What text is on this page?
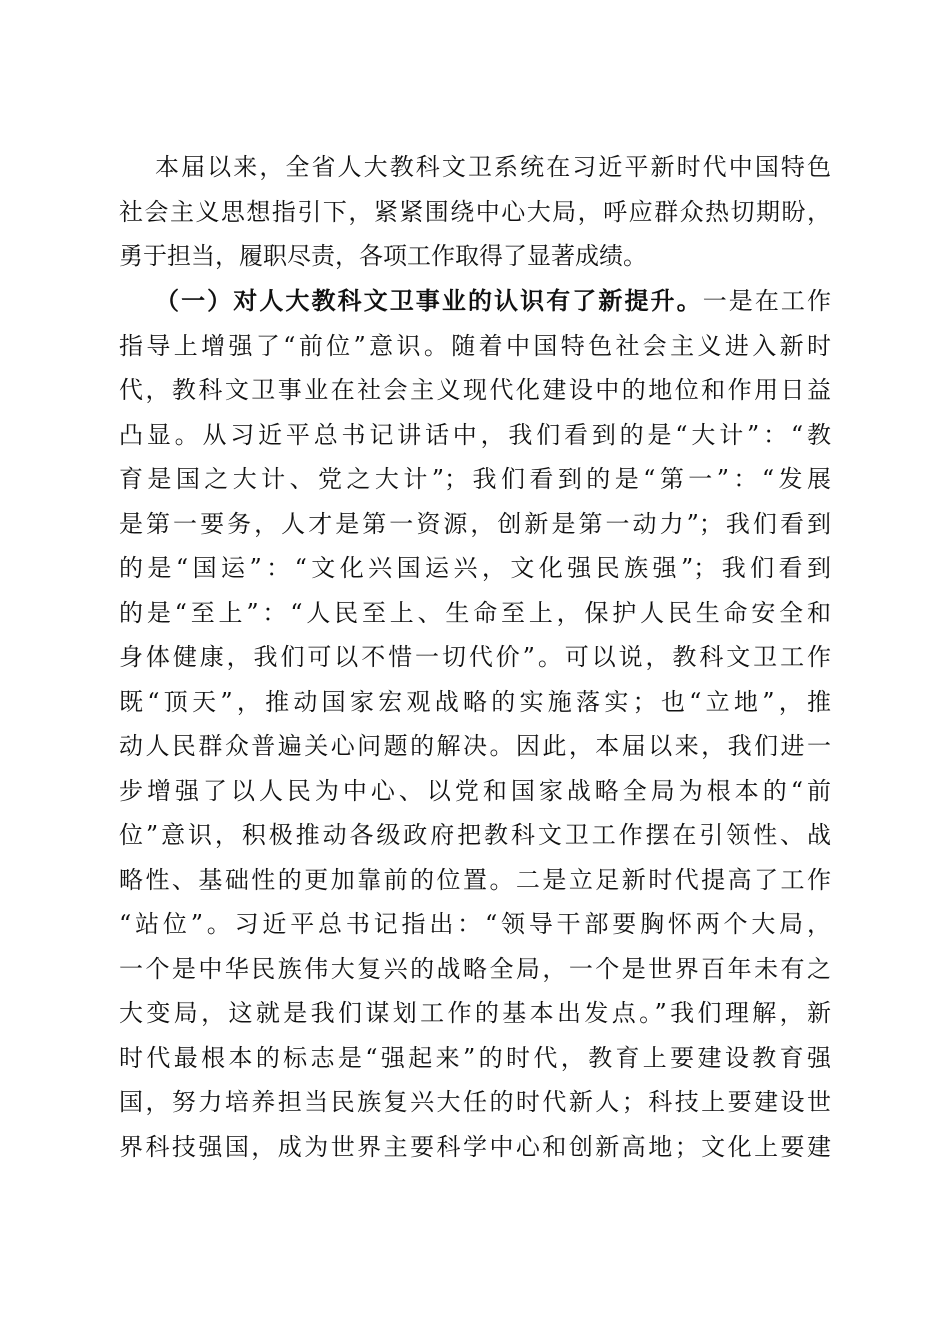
本届以来，全省人大教科文卫系统在习近平新时代中国特色
社会主义思想指引下，紧紧围绕中心大局，呼应群众热切期盼，
勇于担当，履职尽责，各项工作取得了显著成绩。
（一）对人大教科文卫事业的认识有了新提升。一是在工作
指导上增强了“前位”意识。随着中国特色社会主义进入新时
代，教科文卫事业在社会主义现代化建设中的地位和作用日益
凸显。从习近平总书记讲话中，我们看到的是“大计”：“教
育是国之大计、党之大计”；我们看到的是“第一”：“发展
是第一要务，人才是第一资源，创新是第一动力”；我们看到
的是“国运”：“文化兴国运兴，文化强民族强”；我们看到
的是“至上”：“人民至上、生命至上，保护人民生命安全和
身体健康，我们可以不惜一切代价”。可以说，教科文卫工作
既“顶天”，推动国家宏观战略的实施落实；也“立地”，推
动人民群众普遍关心问题的解决。因此，本届以来，我们进一
步增强了以人民为中心、以党和国家战略全局为根本的“前
位”意识，积极推动各级政府把教科文卫工作摆在引领性、战
略性、基础性的更加靠前的位置。二是立足新时代提高了工作
“站位”。习近平总书记指出：“领导干部要胸怀两个大局，
一个是中华民族伟大复兴的战略全局，一个是世界百年未有之
大变局，这就是我们谋划工作的基本出发点。”我们理解，新
时代最根本的标志是“强起来”的时代，教育上要建设教育强
国，努力培养担当民族复兴大任的时代新人；科技上要建设世
界科技强国，成为世界主要科学中心和创新高地；文化上要建
